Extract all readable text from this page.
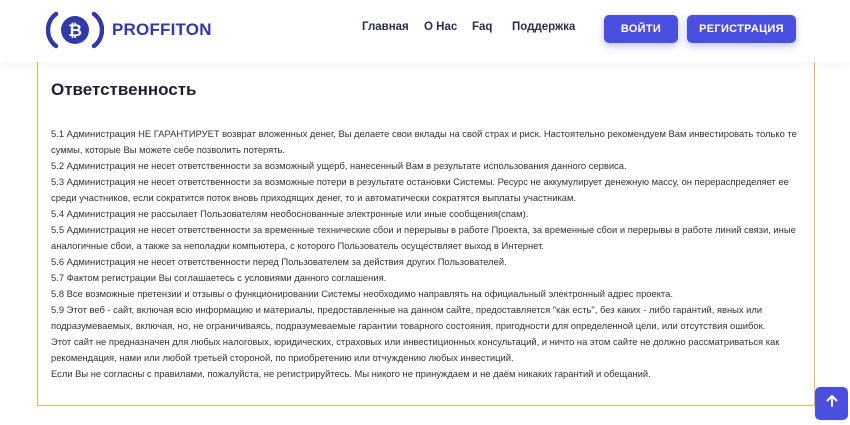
₿ PROFFITON	Главная О Нас Faq Поддержка	ВОЙТИ	РЕГИСТРАЦИЯ
Ответственность

5.1 Администрация НЕ ГАРАНТИРУЕТ возврат вложенных денег, Вы делаете свои вклады на свой страх и риск. Настоятельно рекомендуем Вам инвестировать только те суммы, которые Вы можете себе позволить потерять.

5.2 Администрация не несет ответственности за возможный ущерб, нанесенный Вам в результате использования данного сервиса.

5.3 Администрация не несет ответственности за возможные потери в результате остановки Системы. Ресурс не аккумулирует денежную массу, он перераспределяет ее среди участников, если сократится поток вновь приходящих денег, то и автоматически сократятся выплаты участникам.

5.4 Администрация не рассылает Пользователям необоснованные электронные или иные сообщения(спам).

5.5 Администрация не несет ответственности за временные технические сбои и перерывы в работе Проекта, за временные сбои и перерывы в работе линий связи, иные аналогичные сбои, а также за неполадки компьютера, с которого Пользователь осуществляет выход в Интернет.

5.6 Администрация не несет ответственности перед Пользователем за действия других Пользователей.

5.7 Фактом регистрации Вы соглашаетесь с условиями данного соглашения.

5.8 Все возможные претензии и отзывы о функционировании Системы необходимо направлять на официальный электронный адрес проекта.

5.9 Этот веб - сайт, включая всю информацию и материалы, предоставленные на данном сайте, предоставляется "как есть", без каких - либо гарантий, явных или подразумеваемых, включая, но, не ограничиваясь, подразумеваемые гарантии товарного состояния, пригодности для определенной цели, или отсутствия ошибок.

Этот сайт не предназначен для любых налоговых, юридических, страховых или инвестиционных консультаций, и ничто на этом сайте не должно рассматриваться как рекомендация, нами или любой третьей стороной, по приобретению или отчуждению любых инвестиций.

Если Вы не согласны с правилами, пожалуйста, не регистрируйтесь. Мы никого не принуждаем и не даём никаких гарантий и обещаний.
